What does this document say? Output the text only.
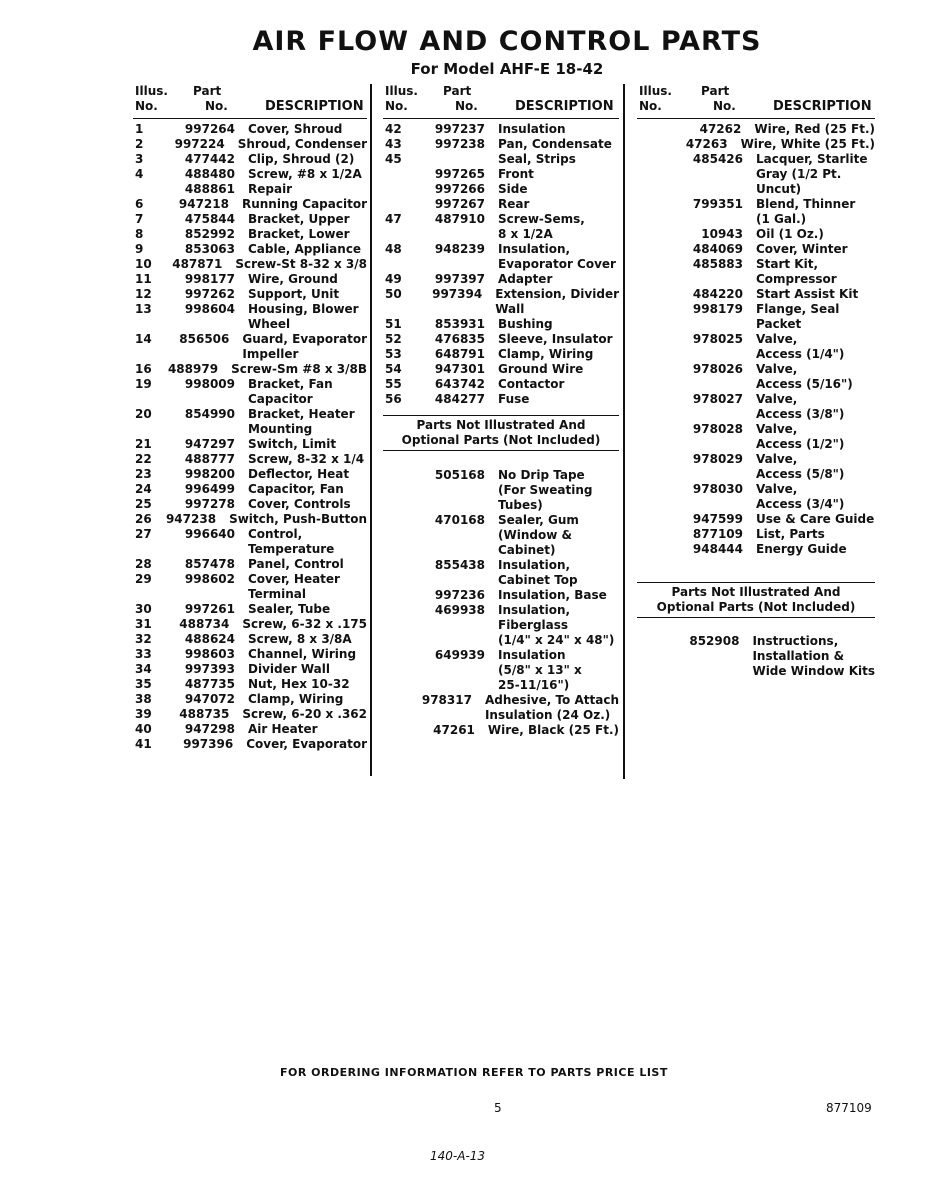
AIR FLOW AND CONTROL PARTS
For Model AHF-E 18-42
Illus.
No.
Part
No.	DESCRIPTION
1	997264 Cover, Shroud
2	997224 Shroud, Condenser
3	477442 Clip, Shroud (2)
4	488480 Screw, #8 x 1/2A
488861 Repair
6	947218 Running Capacitor
7	475844 Bracket, Upper
8	852992 Bracket, Lower
9	853063 Cable, Appliance
10	487871 Screw-St 8-32 x 3/8
11	998177 Wire, Ground
12	997262 Support, Unit
13	998604 Housing, Blower
Wheel
14	856506 Guard, Evaporator
Impeller
16	488979 Screw-Sm #8 x 3/8B
19	998009 Bracket, Fan
Capacitor
20	854990 Bracket, Heater
Mounting
21	947297 Switch, Limit
22	488777 Screw, 8-32 x 1/4
23	998200 Deflector, Heat
24	996499 Capacitor, Fan
25	997278 Cover, Controls
26	947238 Switch, Push-Button
27	996640 Control,
Temperature
28	857478 Panel, Control
29	998602 Cover, Heater
Terminal
30	997261 Sealer, Tube
31	488734 Screw, 6-32 x .175
32	488624 Screw, 8 x 3/8A
33	998603 Channel, Wiring
34	997393 Divider Wall
35	487735 Nut, Hex 10-32
38	947072 Clamp, Wiring
39	488735 Screw, 6-20 x .362
40	947298 Air Heater
41	997396 Cover, Evaporator
Illus.
No.
Part
No.	DESCRIPTION
42	997237 Insulation
43	997238 Pan, Condensate
45	Seal, Strips
997265 Front
997266 Side
997267 Rear
47	487910 Screw-Sems,
8 x 1/2A
48	948239 Insulation,
Evaporator Cover
49	997397 Adapter
50	997394 Extension, Divider
Wall
51	853931 Bushing
52	476835 Sleeve, Insulator
53	648791 Clamp, Wiring
54	947301 Ground Wire
55	643742 Contactor
56	484277 Fuse
Parts Not Illustrated And
Optional Parts (Not Included)
505168 No Drip Tape
(For Sweating
Tubes)
470168 Sealer, Gum
(Window &
Cabinet)
855438 Insulation,
Cabinet Top
997236 Insulation, Base
469938 Insulation,
Fiberglass
(1/4" x 24" x 48")
649939 Insulation
(5/8" x 13" x
25-11/16")
978317 Adhesive, To Attach
Insulation (24 Oz.)
47261 Wire, Black (25 Ft.)
Illus.
No.
Part
No.	DESCRIPTION
47262 Wire, Red (25 Ft.)
47263 Wire, White (25 Ft.)
485426 Lacquer, Starlite
Gray (1/2 Pt.
Uncut)
799351 Blend, Thinner
(1 Gal.)
10943 Oil (1 Oz.)
484069 Cover, Winter
485883 Start Kit,
Compressor
484220 Start Assist Kit
998179 Flange, Seal
Packet
978025 Valve,
Access (1/4")
978026 Valve,
Access (5/16")
978027 Valve,
Access (3/8")
978028 Valve,
Access (1/2")
978029 Valve,
Access (5/8")
978030 Valve,
Access (3/4")
947599 Use & Care Guide
877109 List, Parts
948444 Energy Guide
Parts Not Illustrated And
Optional Parts (Not Included)
852908 Instructions,
Installation &
Wide Window Kits
FOR ORDERING INFORMATION REFER TO PARTS PRICE LIST
5	877109
140-A-13
